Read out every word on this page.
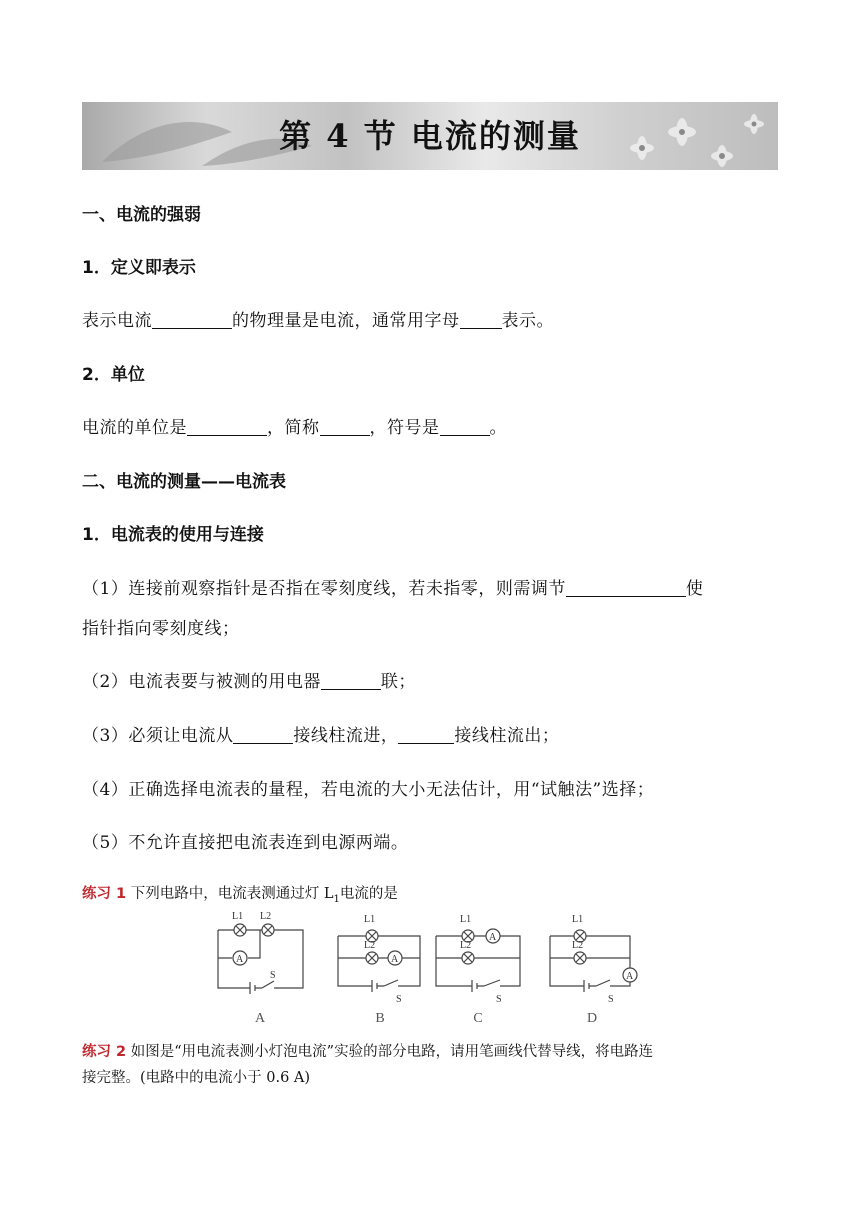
第 4 节 电流的测量
一、电流的强弱
1．定义即表示
表示电流	的物理量是电流，通常用字母 表示。
2．单位
电流的单位是	，简称	，符号是	。
二、电流的测量——电流表
1．电流表的使用与连接
（1）连接前观察指针是否指在零刻度线，若未指零，则需调节	使
指针指向零刻度线；
（2）电流表要与被测的用电器	联；
（3）必须让电流从	接线柱流进，	接线柱流出；
（4）正确选择电流表的量程，若电流的大小无法估计，用“试触法”选择；
（5）不允许直接把电流表连到电源两端。
练习 1 下列电路中，电流表测通过灯 $L_1$电流的是
L1 L2
A
S
L1
L2
A
S
L1
L2
A
S
L1
L2
A
S
A	B	C	D
练习 2 如图是“用电流表测小灯泡电流”实验的部分电路，请用笔画线代替导线，将电路连
接完整。(电路中的电流小于 0.6 A)
